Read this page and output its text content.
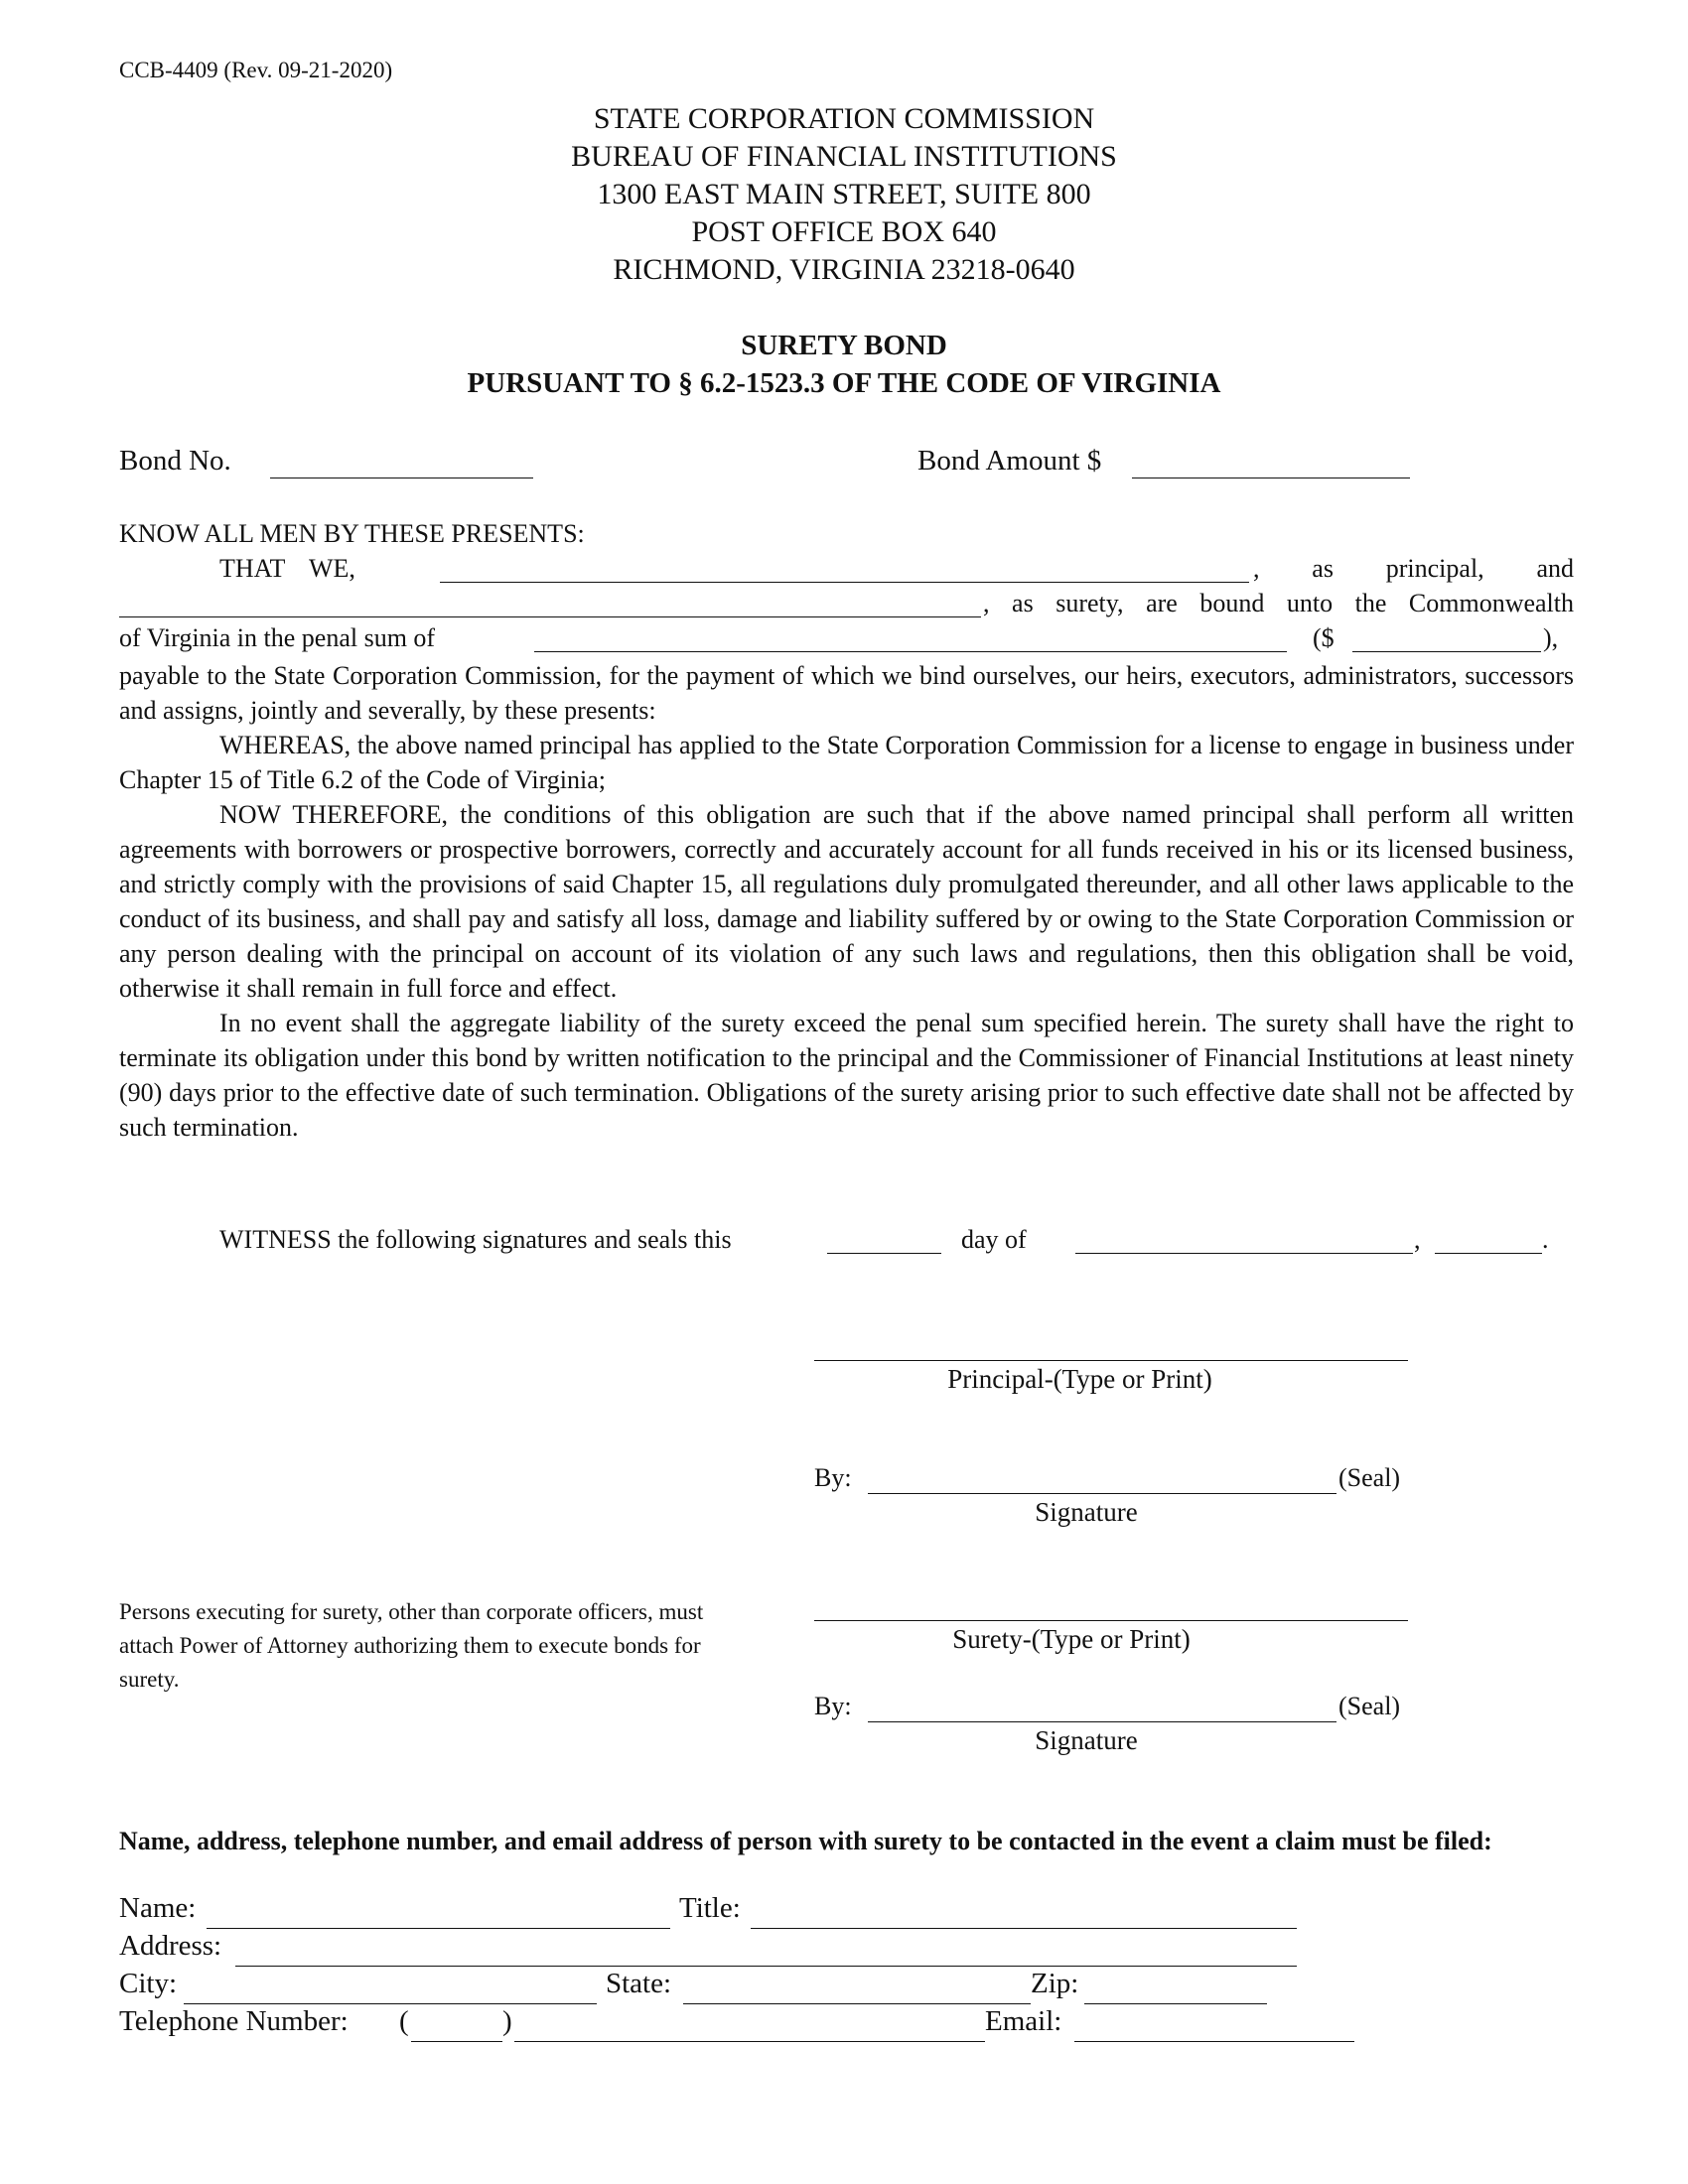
CCB-4409 (Rev. 09-21-2020)
STATE CORPORATION COMMISSION
BUREAU OF FINANCIAL INSTITUTIONS
1300 EAST MAIN STREET, SUITE 800
POST OFFICE BOX 640
RICHMOND, VIRGINIA 23218-0640
SURETY BOND
PURSUANT TO § 6.2-1523.3 OF THE CODE OF VIRGINIA
Bond No.	Bond Amount $
KNOW ALL MEN BY THESE PRESENTS:
THAT WE,	, as principal, and
, as surety, are bound unto the Commonwealth
of Virginia in the penal sum of	($	),

payable to the State Corporation Commission, for the payment of which we bind ourselves, our heirs, executors, administrators, successors and assigns, jointly and severally, by these presents:

WHEREAS, the above named principal has applied to the State Corporation Commission for a license to engage in business under Chapter 15 of Title 6.2 of the Code of Virginia;

NOW THEREFORE, the conditions of this obligation are such that if the above named principal shall perform all written agreements with borrowers or prospective borrowers, correctly and accurately account for all funds received in his or its licensed business, and strictly comply with the provisions of said Chapter 15, all regulations duly promulgated thereunder, and all other laws applicable to the conduct of its business, and shall pay and satisfy all loss, damage and liability suffered by or owing to the State Corporation Commission or any person dealing with the principal on account of its violation of any such laws and regulations, then this obligation shall be void, otherwise it shall remain in full force and effect.

In no event shall the aggregate liability of the surety exceed the penal sum specified herein. The surety shall have the right to terminate its obligation under this bond by written notification to the principal and the Commissioner of Financial Institutions at least ninety (90) days prior to the effective date of such termination. Obligations of the surety arising prior to such effective date shall not be affected by such termination.

WITNESS the following signatures and seals this	day of	,	.
Principal-(Type or Print)
By:	(Seal)
Signature
Persons executing for surety, other than corporate officers, must attach Power of Attorney authorizing them to execute bonds for surety.
Surety-(Type or Print)
By:	(Seal)
Signature
Name, address, telephone number, and email address of person with surety to be contacted in the event a claim must be filed:
Name:	Title:
Address:
City:	State:	Zip:
Telephone Number: (	)	Email:
